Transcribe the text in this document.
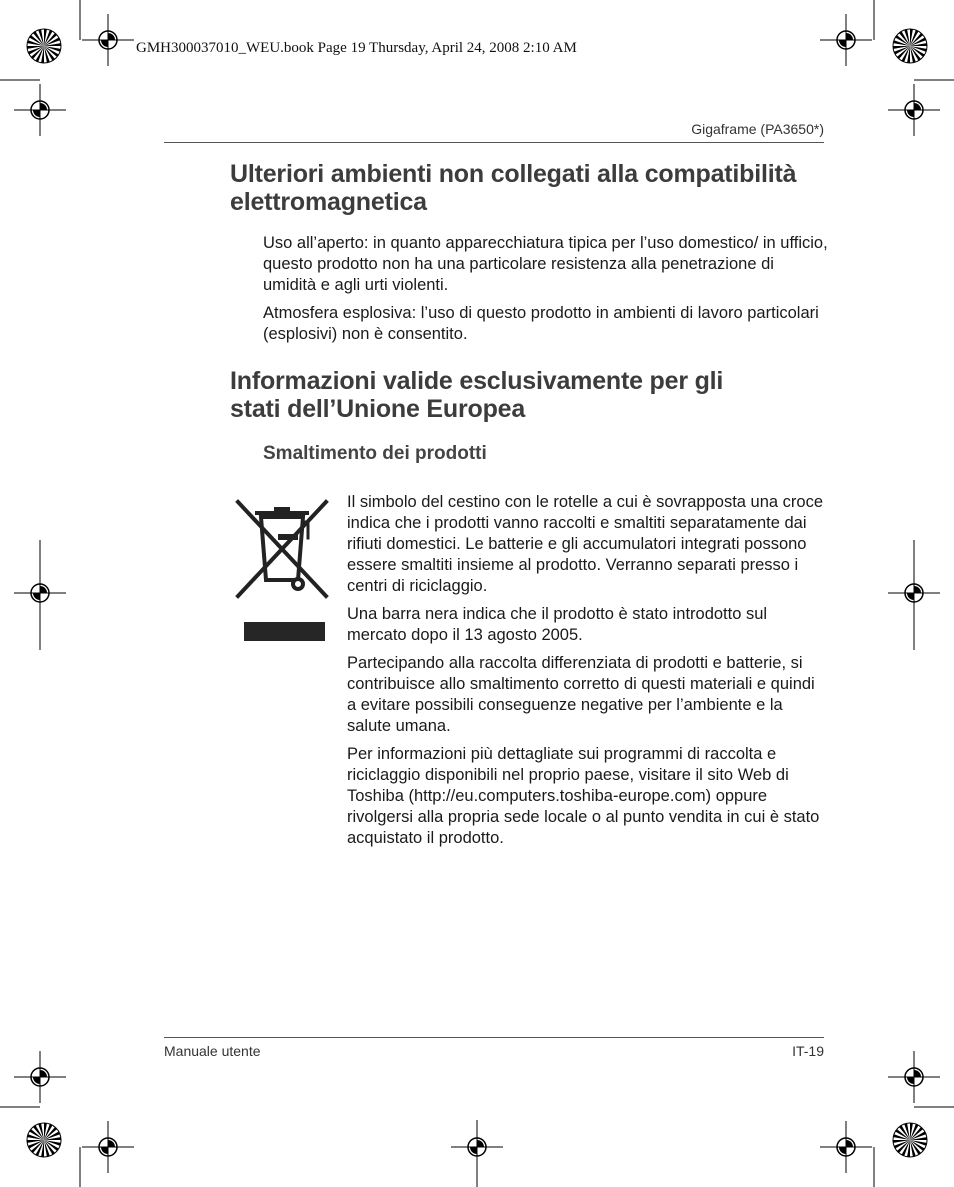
GMH300037010_WEU.book Page 19 Thursday, April 24, 2008 2:10 AM
Gigaframe (PA3650*)
Ulteriori ambienti non collegati alla compatibilità
elettromagnetica
Uso all’aperto: in quanto apparecchiatura tipica per l’uso domestico/ in ufficio, questo prodotto non ha una particolare resistenza alla penetrazione di umidità e agli urti violenti.
Atmosfera esplosiva: l’uso di questo prodotto in ambienti di lavoro particolari (esplosivi) non è consentito.
Informazioni valide esclusivamente per gli
stati dell’Unione Europea
Smaltimento dei prodotti
Il simbolo del cestino con le rotelle a cui è sovrapposta una croce indica che i prodotti vanno raccolti e smaltiti separatamente dai rifiuti domestici. Le batterie e gli accumulatori integrati possono essere smaltiti insieme al prodotto. Verranno separati presso i centri di riciclaggio.
Una barra nera indica che il prodotto è stato introdotto sul mercato dopo il 13 agosto 2005.
Partecipando alla raccolta differenziata di prodotti e batterie, si contribuisce allo smaltimento corretto di questi materiali e quindi a evitare possibili conseguenze negative per l’ambiente e la salute umana.
Per informazioni più dettagliate sui programmi di raccolta e riciclaggio disponibili nel proprio paese, visitare il sito Web di Toshiba (http://eu.computers.toshiba-europe.com) oppure rivolgersi alla propria sede locale o al punto vendita in cui è stato acquistato il prodotto.
Manuale utente	IT-19
